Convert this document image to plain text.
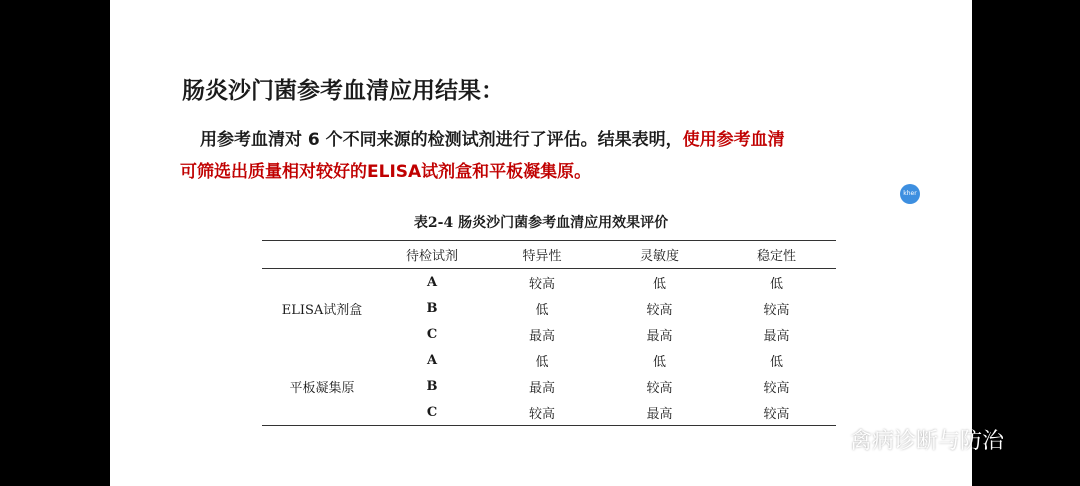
肠炎沙门菌参考血清应用结果：
用参考血清对 6 个不同来源的检测试剂进行了评估。结果表明，使用参考血清
可筛选出质量相对较好的ELISA试剂盒和平板凝集原。
kher
表2-4 肠炎沙门菌参考血清应用效果评价
	待检试剂	特异性	灵敏度	稳定性
ELISA试剂盒	A	较高	低	低
	B	低	较高	较高
	C	最高	最高	最高
平板凝集原	A	低	低	低
	B	最高	较高	较高
	C	较高	最高	较高
禽病诊断与防治
